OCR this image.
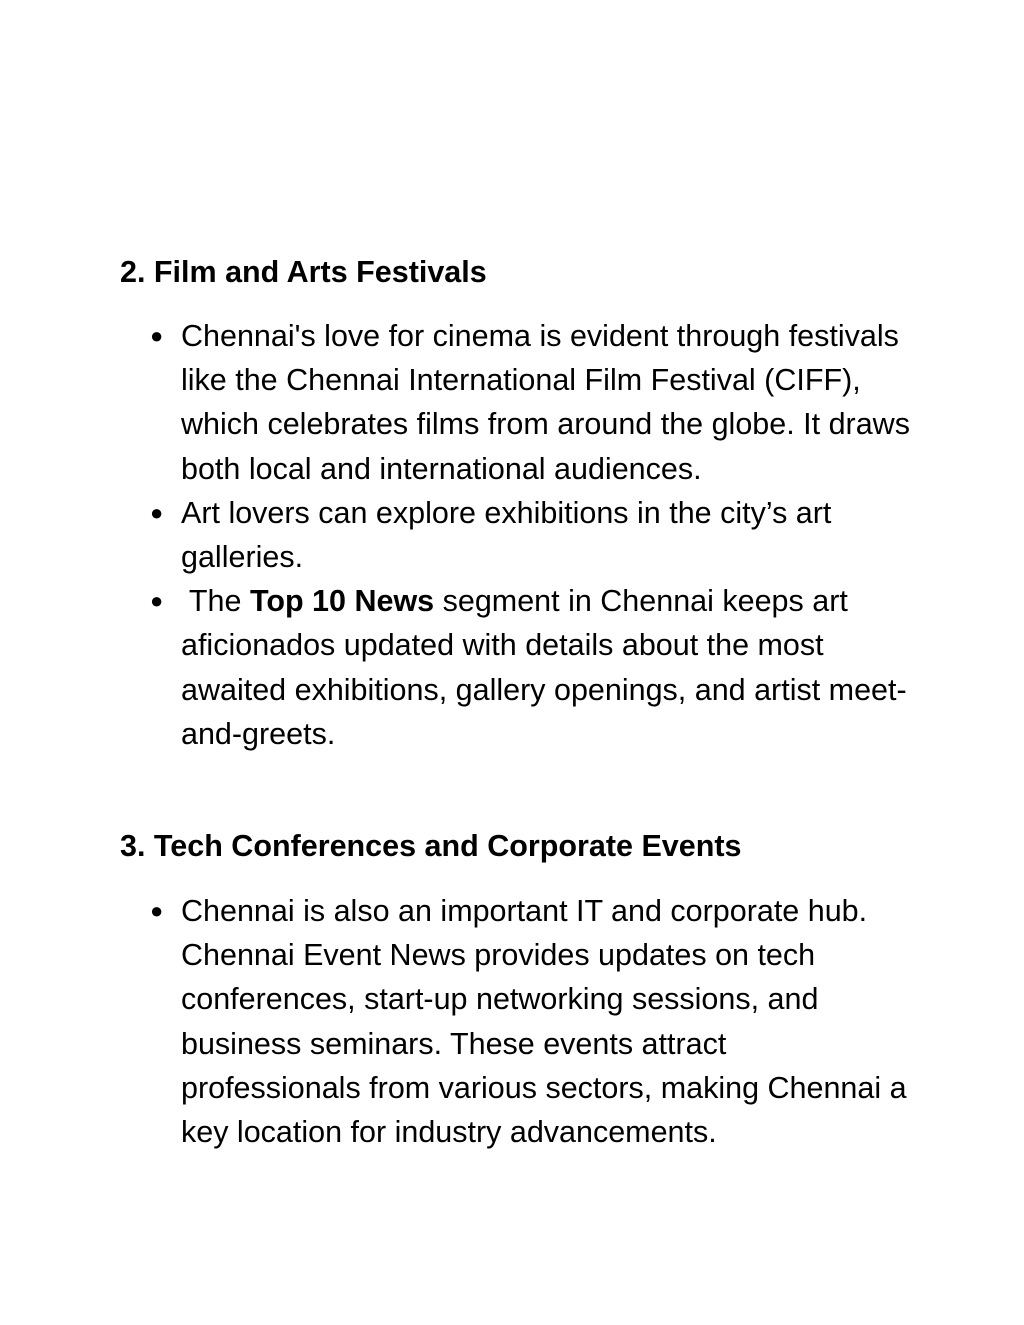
2. Film and Arts Festivals
● Chennai's love for cinema is evident through festivals like the Chennai International Film Festival (CIFF), which celebrates films from around the globe. It draws both local and international audiences.
● Art lovers can explore exhibitions in the city’s art galleries.
● The Top 10 News segment in Chennai keeps art aficionados updated with details about the most awaited exhibitions, gallery openings, and artist meet-and-greets.
3. Tech Conferences and Corporate Events
● Chennai is also an important IT and corporate hub. Chennai Event News provides updates on tech conferences, start-up networking sessions, and business seminars. These events attract professionals from various sectors, making Chennai a key location for industry advancements.
